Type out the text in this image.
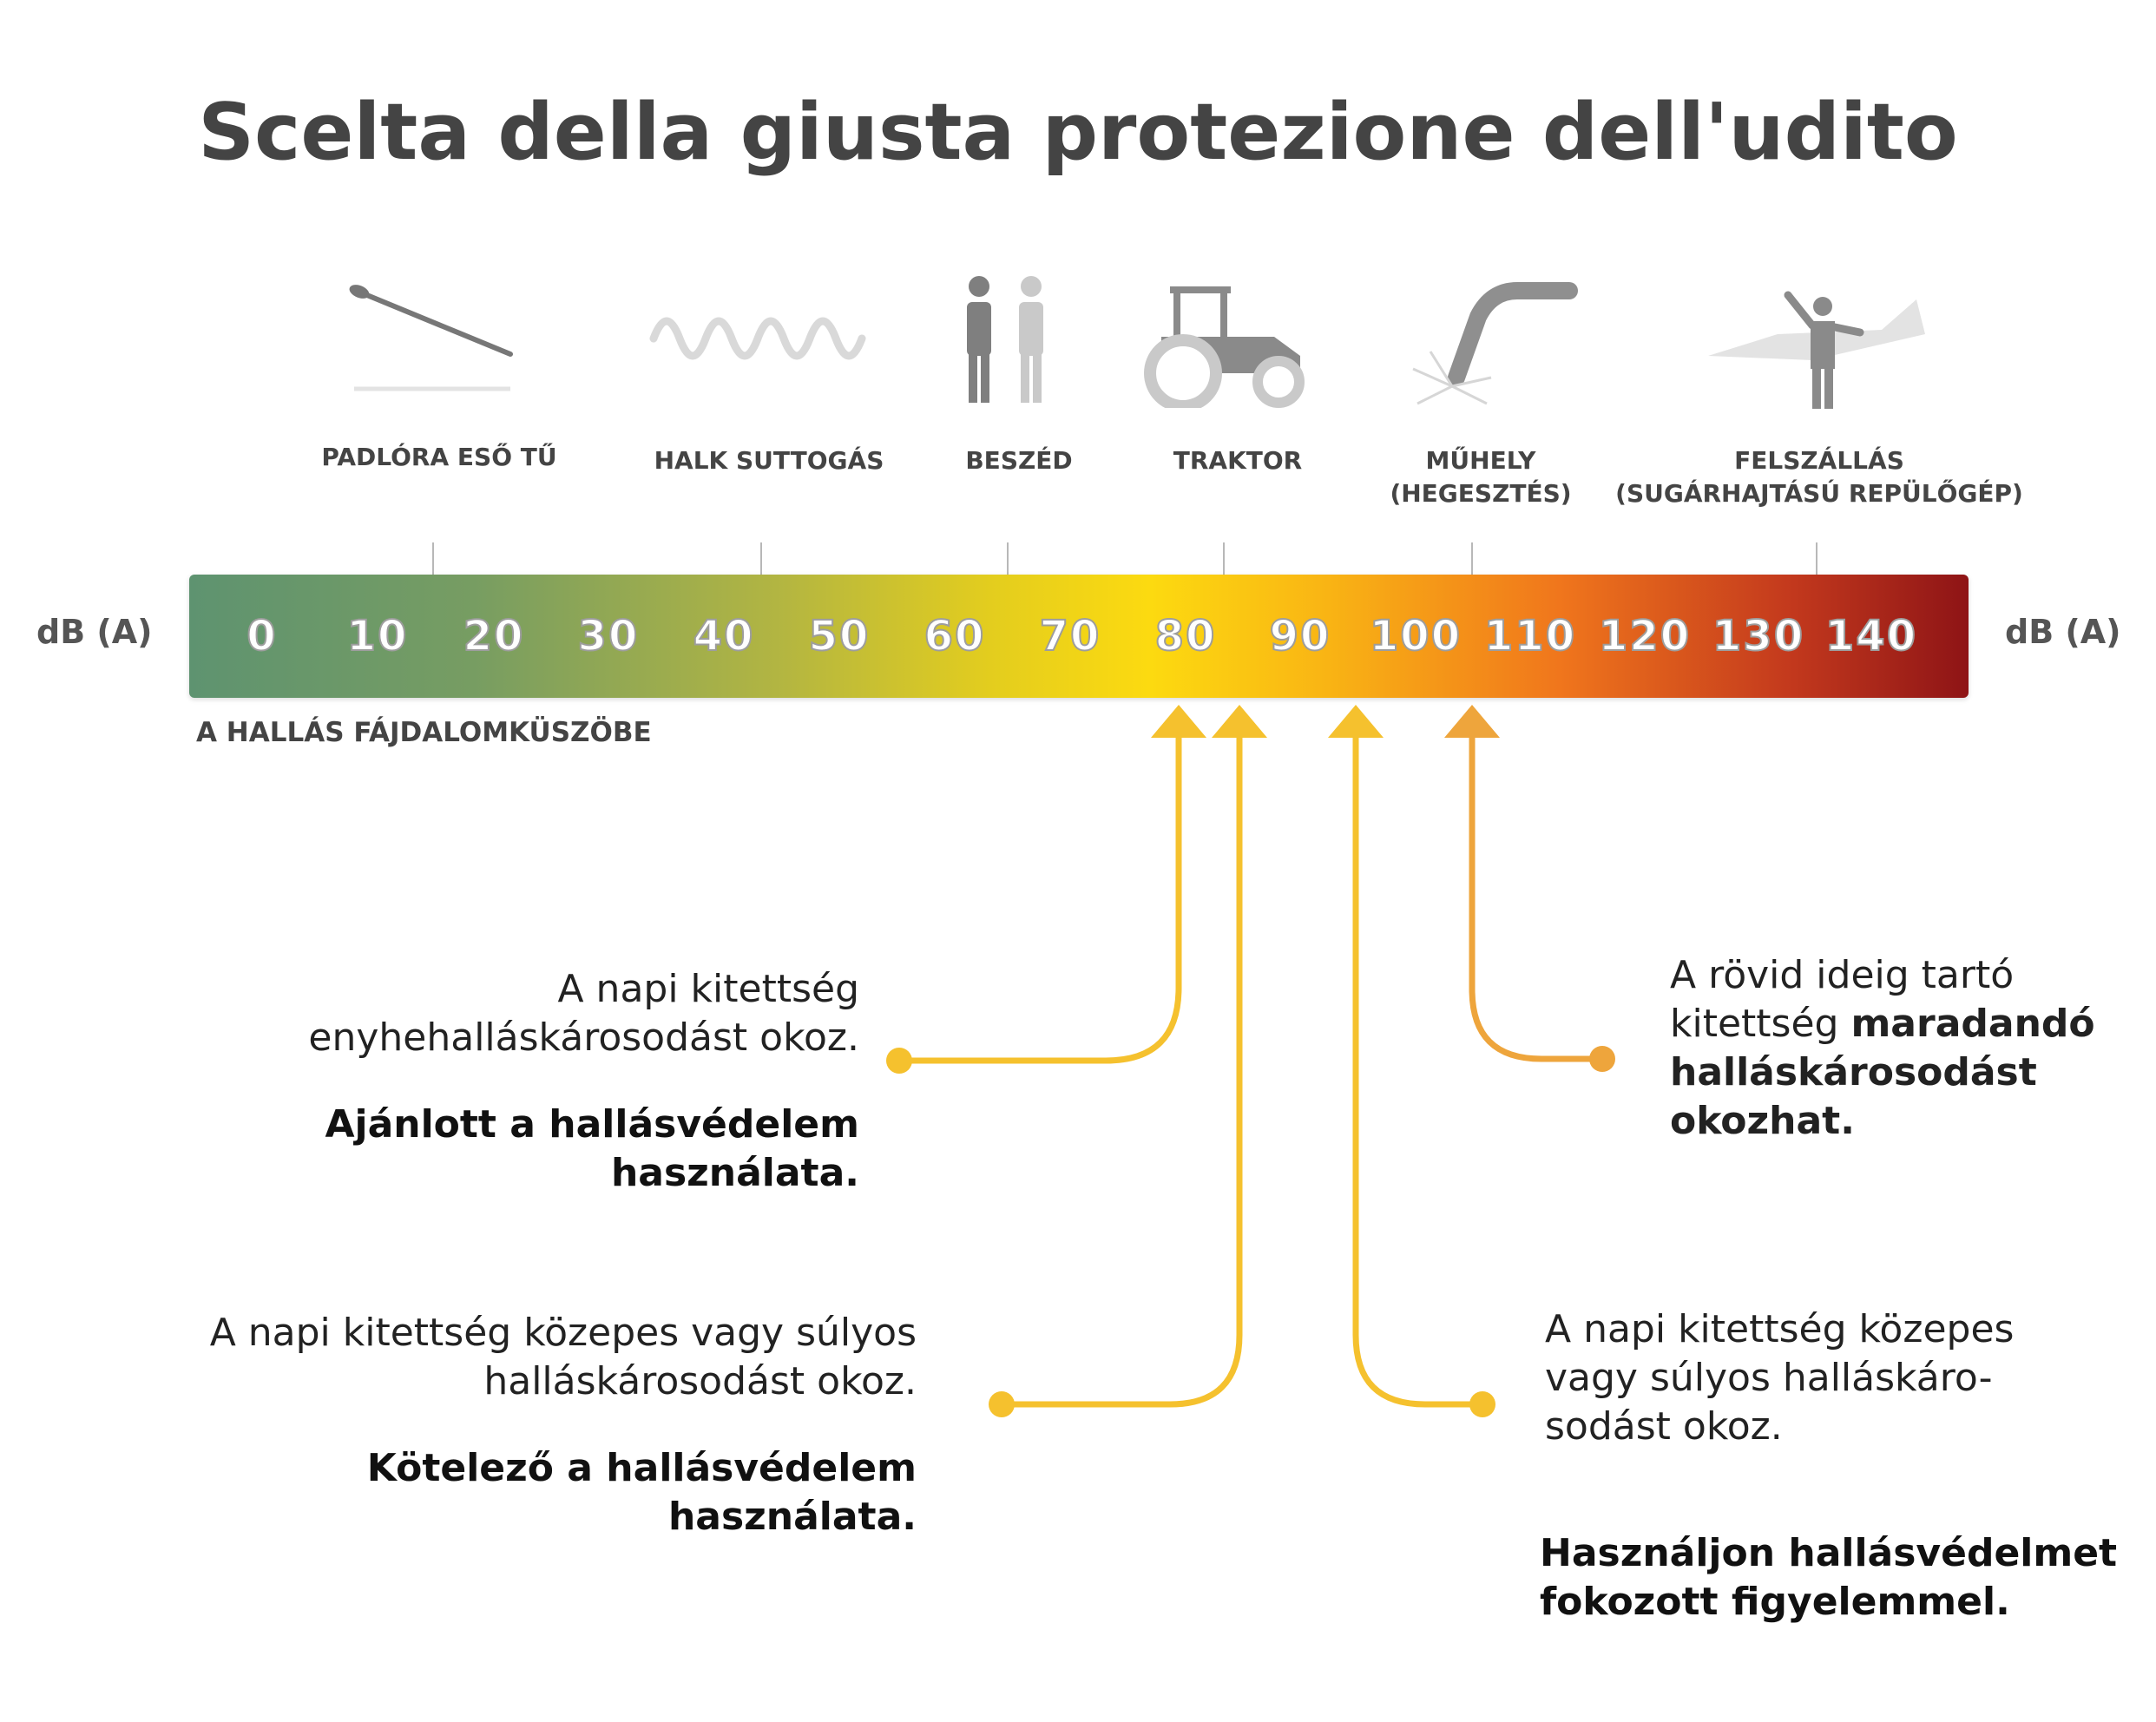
Scelta della giusta protezione dell'udito
PADLÓRA ESŐ TŰ	HALK SUTTOGÁS	BESZÉD	TRAKTOR	MŰHELY
(HEGESZTÉS)
FELSZÁLLÁS
(SUGÁRHAJTÁSÚ REPÜLŐGÉP)
dB (A)	dB (A)
0	10	20	30	40	50	60	70	80	90 100 110 120 130 140
A HALLÁS FÁJDALOMKÜSZÖBE
A napi kitettség
enyhehalláskárosodást okoz.
Ajánlott a hallásvédelem használata.
A napi kitettség közepes vagy súlyos
halláskárosodást okoz.
Kötelező a hallásvédelem használata.
A rövid ideig tartó
kitettség maradandó
halláskárosodást
okozhat.
A napi kitettség közepes
vagy súlyos halláskáro-
sodást okoz.
Használjon hallásvédelmet
fokozott figyelemmel.
